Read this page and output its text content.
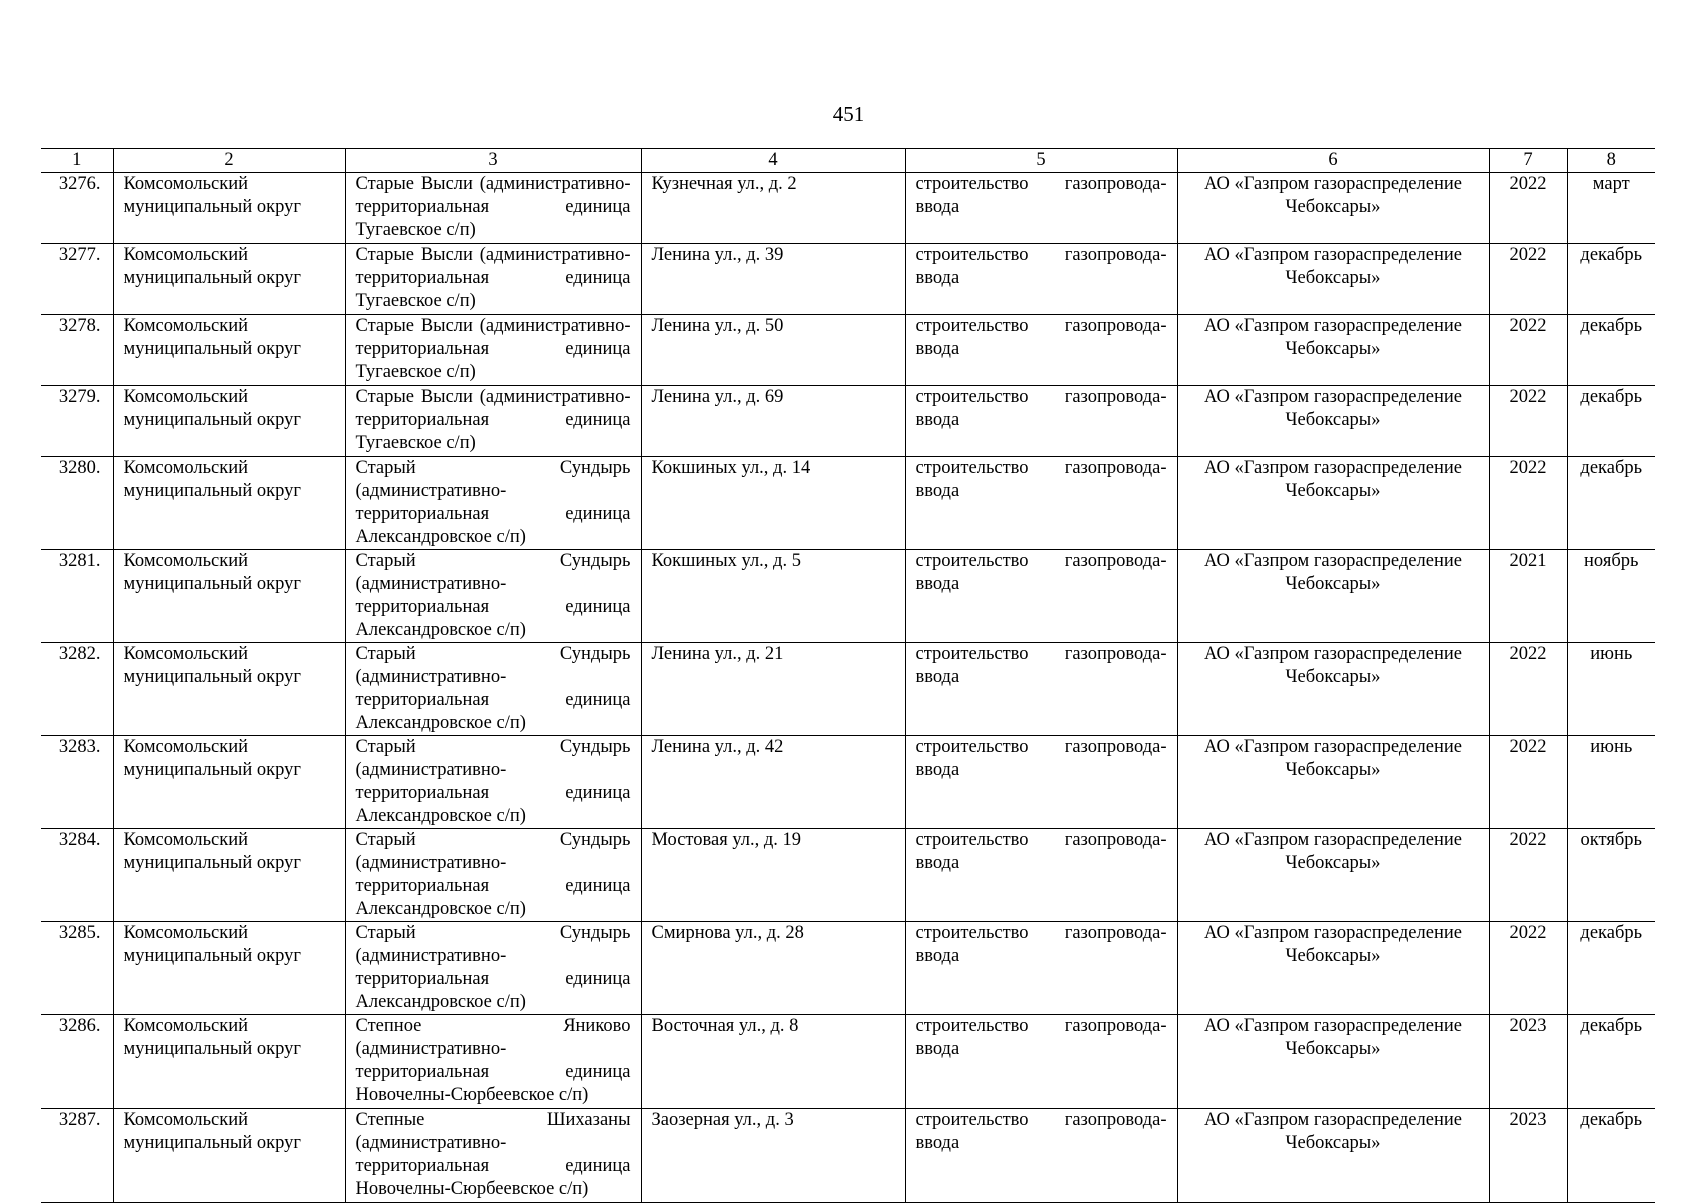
451
1	2	3	4	5	6	7	8
3276.	Комсомольский муниципальный округ	Старые Высли (административно-территориальная единица Тугаевское с/п)	Кузнечная ул., д. 2	строительство газопровода-ввода	АО «Газпром газораспределение Чебоксары»	2022	март
3277.	Комсомольский муниципальный округ	Старые Высли (административно-территориальная единица Тугаевское с/п)	Ленина ул., д. 39	строительство газопровода-ввода	АО «Газпром газораспределение Чебоксары»	2022	декабрь
3278.	Комсомольский муниципальный округ	Старые Высли (административно-территориальная единица Тугаевское с/п)	Ленина ул., д. 50	строительство газопровода-ввода	АО «Газпром газораспределение Чебоксары»	2022	декабрь
3279.	Комсомольский муниципальный округ	Старые Высли (административно-территориальная единица Тугаевское с/п)	Ленина ул., д. 69	строительство газопровода-ввода	АО «Газпром газораспределение Чебоксары»	2022	декабрь
3280.	Комсомольский муниципальный округ	Старый Сундырь (административно-территориальная единица Александровское с/п)	Кокшиных ул., д. 14	строительство газопровода-ввода	АО «Газпром газораспределение Чебоксары»	2022	декабрь
3281.	Комсомольский муниципальный округ	Старый Сундырь (административно-территориальная единица Александровское с/п)	Кокшиных ул., д. 5	строительство газопровода-ввода	АО «Газпром газораспределение Чебоксары»	2021	ноябрь
3282.	Комсомольский муниципальный округ	Старый Сундырь (административно-территориальная единица Александровское с/п)	Ленина ул., д. 21	строительство газопровода-ввода	АО «Газпром газораспределение Чебоксары»	2022	июнь
3283.	Комсомольский муниципальный округ	Старый Сундырь (административно-территориальная единица Александровское с/п)	Ленина ул., д. 42	строительство газопровода-ввода	АО «Газпром газораспределение Чебоксары»	2022	июнь
3284.	Комсомольский муниципальный округ	Старый Сундырь (административно-территориальная единица Александровское с/п)	Мостовая ул., д. 19	строительство газопровода-ввода	АО «Газпром газораспределение Чебоксары»	2022	октябрь
3285.	Комсомольский муниципальный округ	Старый Сундырь (административно-территориальная единица Александровское с/п)	Смирнова ул., д. 28	строительство газопровода-ввода	АО «Газпром газораспределение Чебоксары»	2022	декабрь
3286.	Комсомольский муниципальный округ	Степное Яниково (административно-территориальная единица Новочелны-Сюрбеевское с/п)	Восточная ул., д. 8	строительство газопровода-ввода	АО «Газпром газораспределение Чебоксары»	2023	декабрь
3287.	Комсомольский муниципальный округ	Степные Шихазаны (административно-территориальная единица Новочелны-Сюрбеевское с/п)	Заозерная ул., д. 3	строительство газопровода-ввода	АО «Газпром газораспределение Чебоксары»	2023	декабрь
